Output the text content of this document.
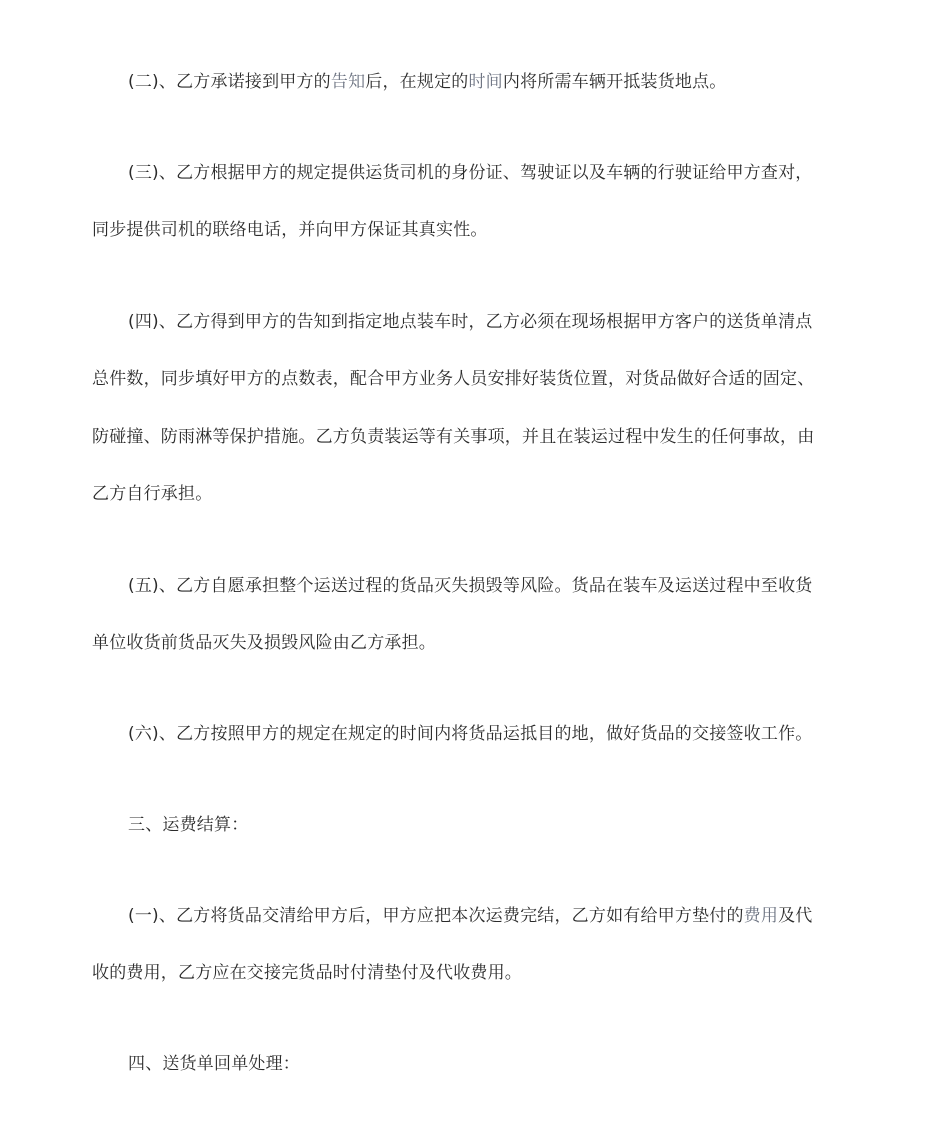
(二)、乙方承诺接到甲方的告知后，在规定的时间内将所需车辆开抵装货地点。
(三)、乙方根据甲方的规定提供运货司机的身份证、驾驶证以及车辆的行驶证给甲方查对，
同步提供司机的联络电话，并向甲方保证其真实性。
(四)、乙方得到甲方的告知到指定地点装车时，乙方必须在现场根据甲方客户的送货单清点
总件数，同步填好甲方的点数表，配合甲方业务人员安排好装货位置，对货品做好合适的固定、
防碰撞、防雨淋等保护措施。乙方负责装运等有关事项，并且在装运过程中发生的任何事故，由
乙方自行承担。
(五)、乙方自愿承担整个运送过程的货品灭失损毁等风险。货品在装车及运送过程中至收货
单位收货前货品灭失及损毁风险由乙方承担。
(六)、乙方按照甲方的规定在规定的时间内将货品运抵目的地，做好货品的交接签收工作。
三、运费结算：
(一)、乙方将货品交清给甲方后，甲方应把本次运费完结，乙方如有给甲方垫付的费用及代
收的费用，乙方应在交接完货品时付清垫付及代收费用。
四、送货单回单处理：
